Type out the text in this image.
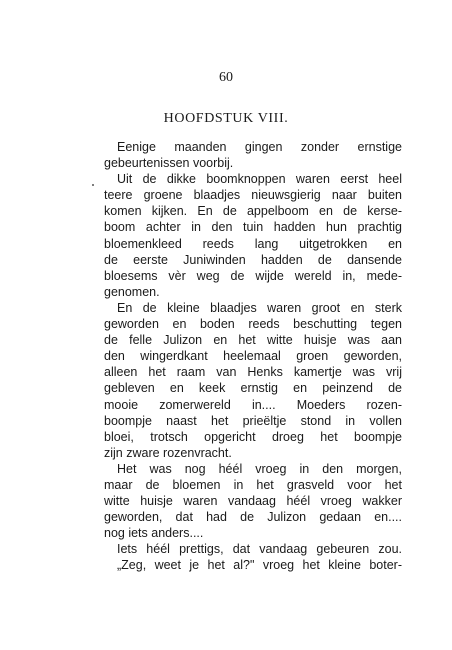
60
HOOFDSTUK VIII.
Eenige maanden gingen zonder ernstige
gebeurtenissen voorbij.
Uit de dikke boomknoppen waren eerst heel
teere groene blaadjes nieuwsgierig naar buiten
komen kijken. En de appelboom en de kerse-
boom achter in den tuin hadden hun prachtig
bloemenkleed reeds lang uitgetrokken en
de eerste Juniwinden hadden de dansende
bloesems vèr weg de wijde wereld in, mede-
genomen.
En de kleine blaadjes waren groot en sterk
geworden en boden reeds beschutting tegen
de felle Julizon en het witte huisje was aan
den wingerdkant heelemaal groen geworden,
alleen het raam van Henks kamertje was vrij
gebleven en keek ernstig en peinzend de
mooie zomerwereld in.... Moeders rozen-
boompje naast het prieëltje stond in vollen
bloei, trotsch opgericht droeg het boompje
zijn zware rozenvracht.
Het was nog héél vroeg in den morgen,
maar de bloemen in het grasveld voor het
witte huisje waren vandaag héél vroeg wakker
geworden, dat had de Julizon gedaan en....
nog iets anders....
Iets héél prettigs, dat vandaag gebeuren zou.
„Zeg, weet je het al?" vroeg het kleine boter-
